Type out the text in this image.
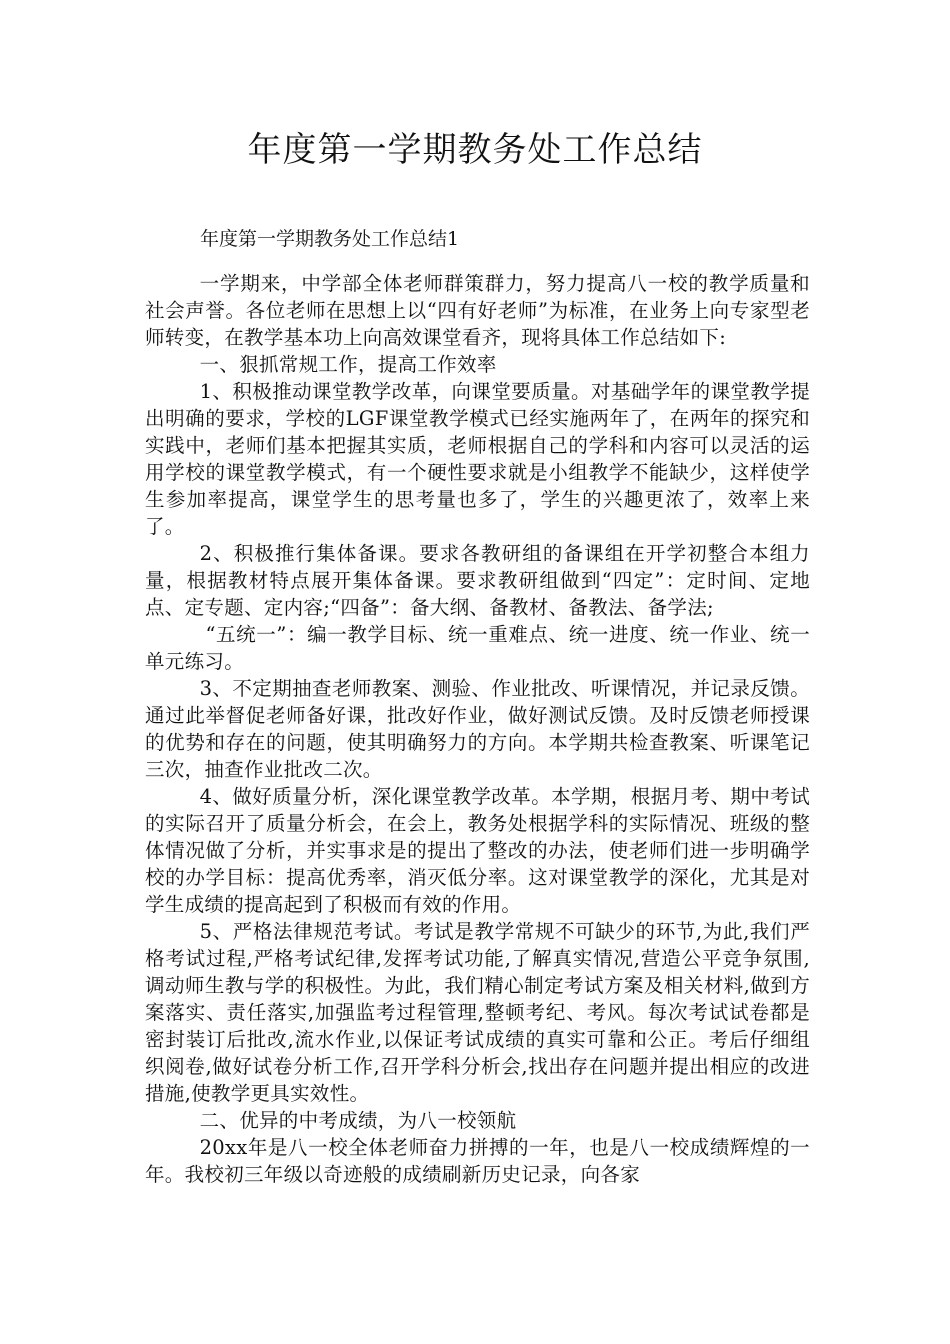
年度第一学期教务处工作总结
年度第一学期教务处工作总结1

一学期来，中学部全体老师群策群力，努力提高八一校的教学质量和社会声誉。各位老师在思想上以“四有好老师”为标准，在业务上向专家型老师转变，在教学基本功上向高效课堂看齐，现将具体工作总结如下:

一、狠抓常规工作，提高工作效率

1、积极推动课堂教学改革，向课堂要质量。对基础学年的课堂教学提出明确的要求，学校的LGF课堂教学模式已经实施两年了，在两年的探究和实践中，老师们基本把握其实质，老师根据自己的学科和内容可以灵活的运用学校的课堂教学模式，有一个硬性要求就是小组教学不能缺少，这样使学生参加率提高，课堂学生的思考量也多了，学生的兴趣更浓了，效率上来了。

2、积极推行集体备课。要求各教研组的备课组在开学初整合本组力量，根据教材特点展开集体备课。要求教研组做到“四定”：定时间、定地点、定专题、定内容;“四备”：备大纲、备教材、备教法、备学法;

“五统一”：编一教学目标、统一重难点、统一进度、统一作业、统一单元练习。

3、不定期抽查老师教案、测验、作业批改、听课情况，并记录反馈。通过此举督促老师备好课，批改好作业，做好测试反馈。及时反馈老师授课的优势和存在的问题，使其明确努力的方向。本学期共检查教案、听课笔记三次，抽查作业批改二次。

4、做好质量分析，深化课堂教学改革。本学期，根据月考、期中考试的实际召开了质量分析会，在会上，教务处根据学科的实际情况、班级的整体情况做了分析，并实事求是的提出了整改的办法，使老师们进一步明确学校的办学目标：提高优秀率，消灭低分率。这对课堂教学的深化，尤其是对学生成绩的提高起到了积极而有效的作用。

5、严格法律规范考试。考试是教学常规不可缺少的环节,为此,我们严格考试过程,严格考试纪律,发挥考试功能,了解真实情况,营造公平竞争氛围,调动师生教与学的积极性。为此，我们精心制定考试方案及相关材料,做到方案落实、责任落实,加强监考过程管理,整顿考纪、考风。每次考试试卷都是密封装订后批改,流水作业,以保证考试成绩的真实可靠和公正。考后仔细组织阅卷,做好试卷分析工作,召开学科分析会,找出存在问题并提出相应的改进措施,使教学更具实效性。

二、优异的中考成绩，为八一校领航

20xx年是八一校全体老师奋力拼搏的一年，也是八一校成绩辉煌的一年。我校初三年级以奇迹般的成绩刷新历史记录，向各家
